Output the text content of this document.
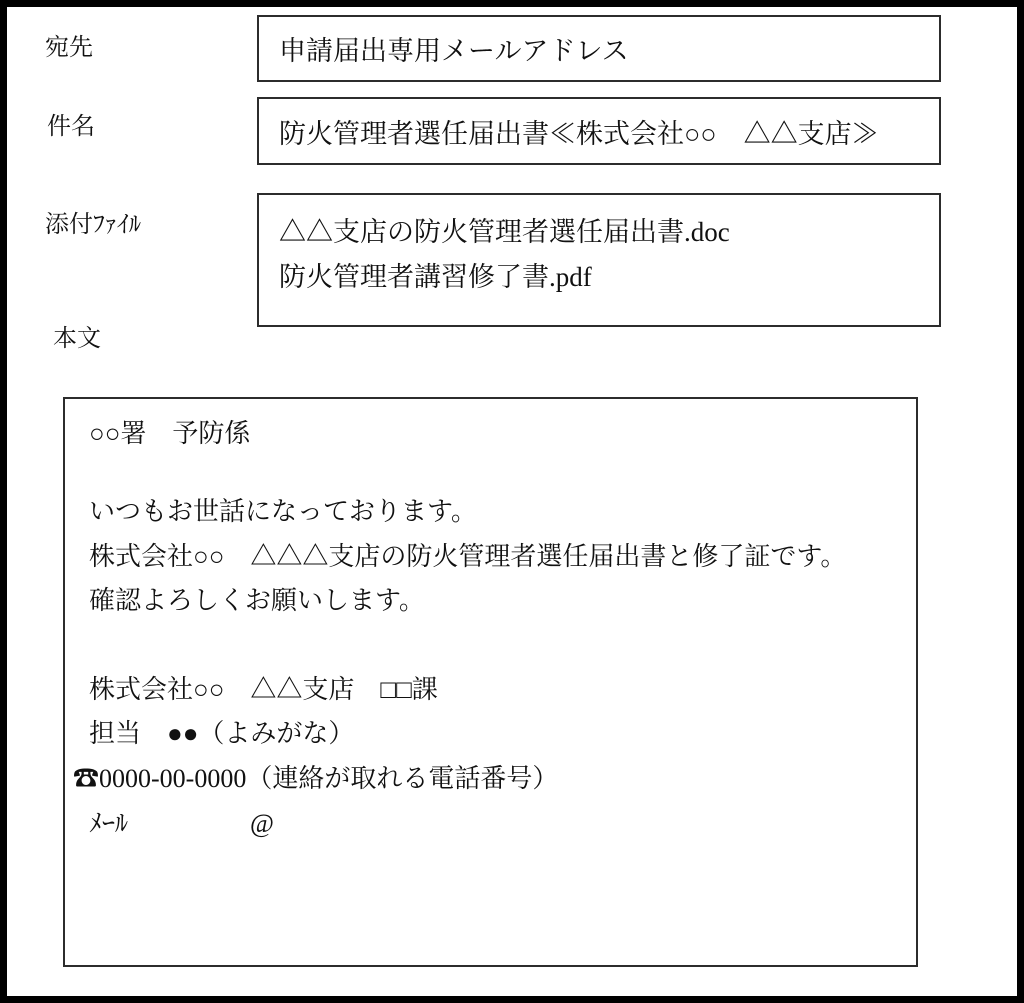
宛先	申請届出専用メールアドレス
件名	防火管理者選任届出書≪株式会社○○　△△支店≫
添付ﾌｧｲﾙ	△△支店の防火管理者選任届出書.doc
防火管理者講習修了書.pdf
本文
○○署　予防係
いつもお世話になっております。
株式会社○○　△△△支店の防火管理者選任届出書と修了証です。
確認よろしくお願いします。
株式会社○○　△△支店　□□課
担当　●●（よみがな）
☎0000-00-0000（連絡が取れる電話番号）
ﾒｰﾙ	@
